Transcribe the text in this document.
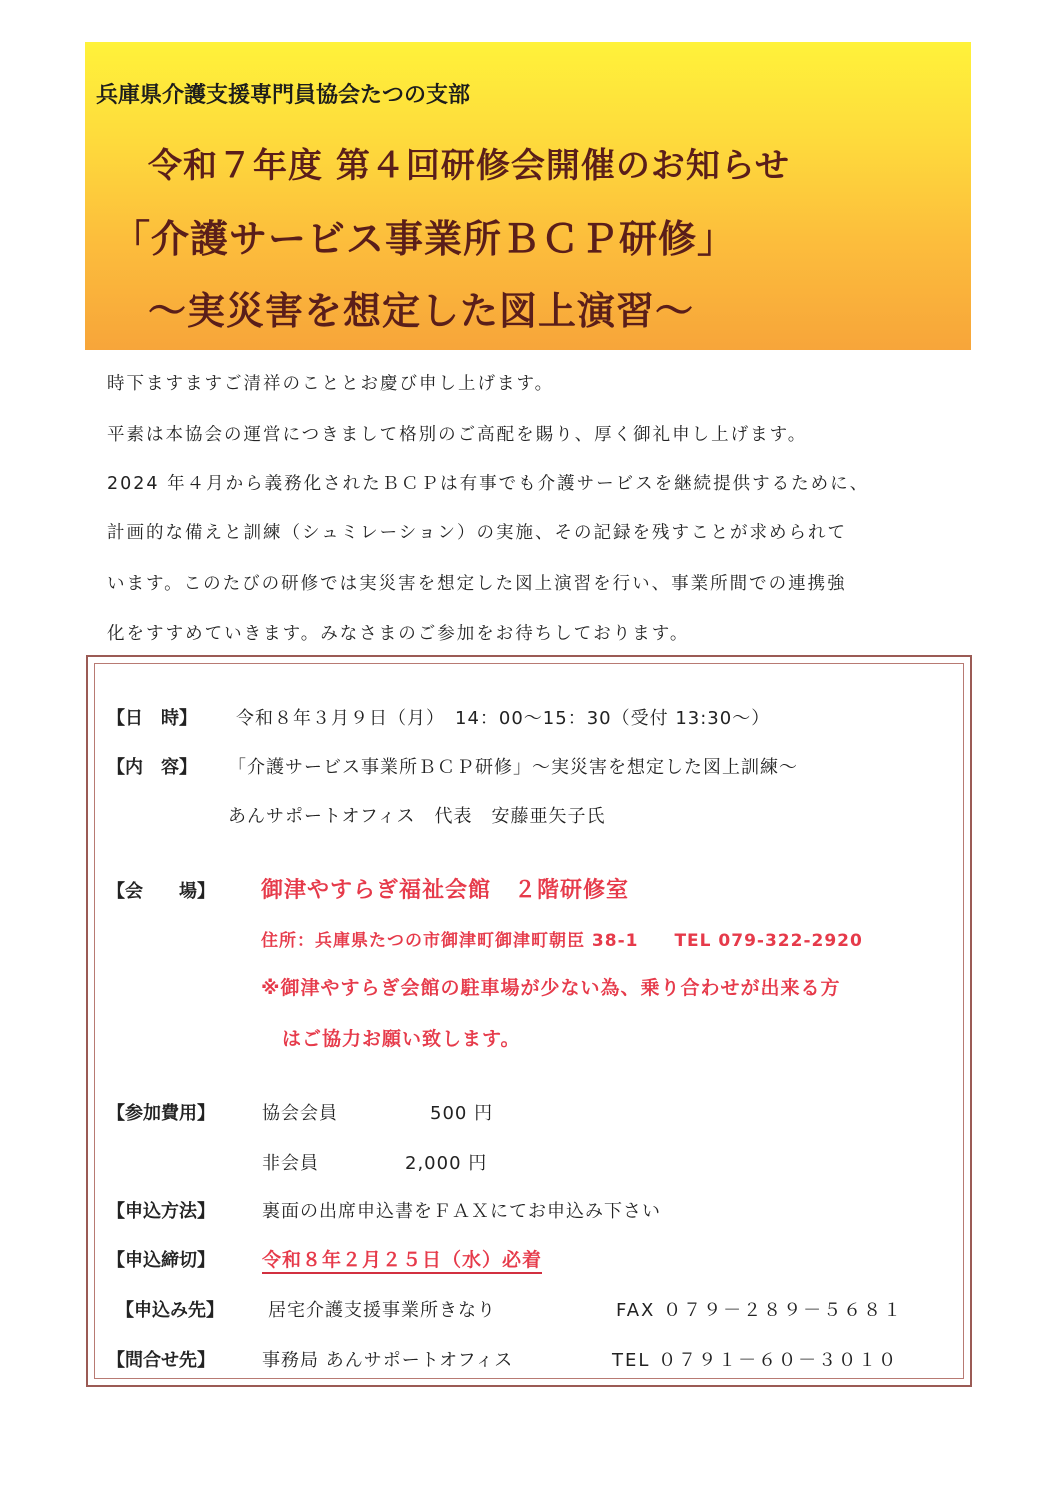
兵庫県介護支援専門員協会たつの支部
令和７年度 第４回研修会開催のお知らせ
「介護サービス事業所ＢＣＰ研修」
～実災害を想定した図上演習～

時下ますますご清祥のこととお慶び申し上げます。

平素は本協会の運営につきまして格別のご高配を賜り、厚く御礼申し上げます。

2024 年４月から義務化されたＢＣＰは有事でも介護サービスを継続提供するために、

計画的な備えと訓練（シュミレーション）の実施、その記録を残すことが求められて

います。このたびの研修では実災害を想定した図上演習を行い、事業所間での連携強

化をすすめていきます。みなさまのご参加をお待ちしております。

【日　時】 令和８年３月９日（月）　14：00～15：30（受付 13:30～）
【内　容】 「介護サービス事業所ＢＣＰ研修」～実災害を想定した図上訓練～
あんサポートオフィス　代表　安藤亜矢子氏
【会　　場】 御津やすらぎ福祉会館　２階研修室
住所：兵庫県たつの市御津町御津町朝臣 38-1　　TEL 079-322-2920
※御津やすらぎ会館の駐車場が少ない為、乗り合わせが出来る方
はご協力お願い致します。
【参加費用】	協会会員	500 円
非会員	2,000 円
【申込方法】	裏面の出席申込書をＦＡＸにてお申込み下さい
【申込締切】 令和８年２月２５日（水）必着
【申込み先】 居宅介護支援事業所きなり	FAX ０７９－２８９－５６８１
【問合せ先】	事務局 あんサポートオフィス	TEL ０７９１－６０－３０１０
